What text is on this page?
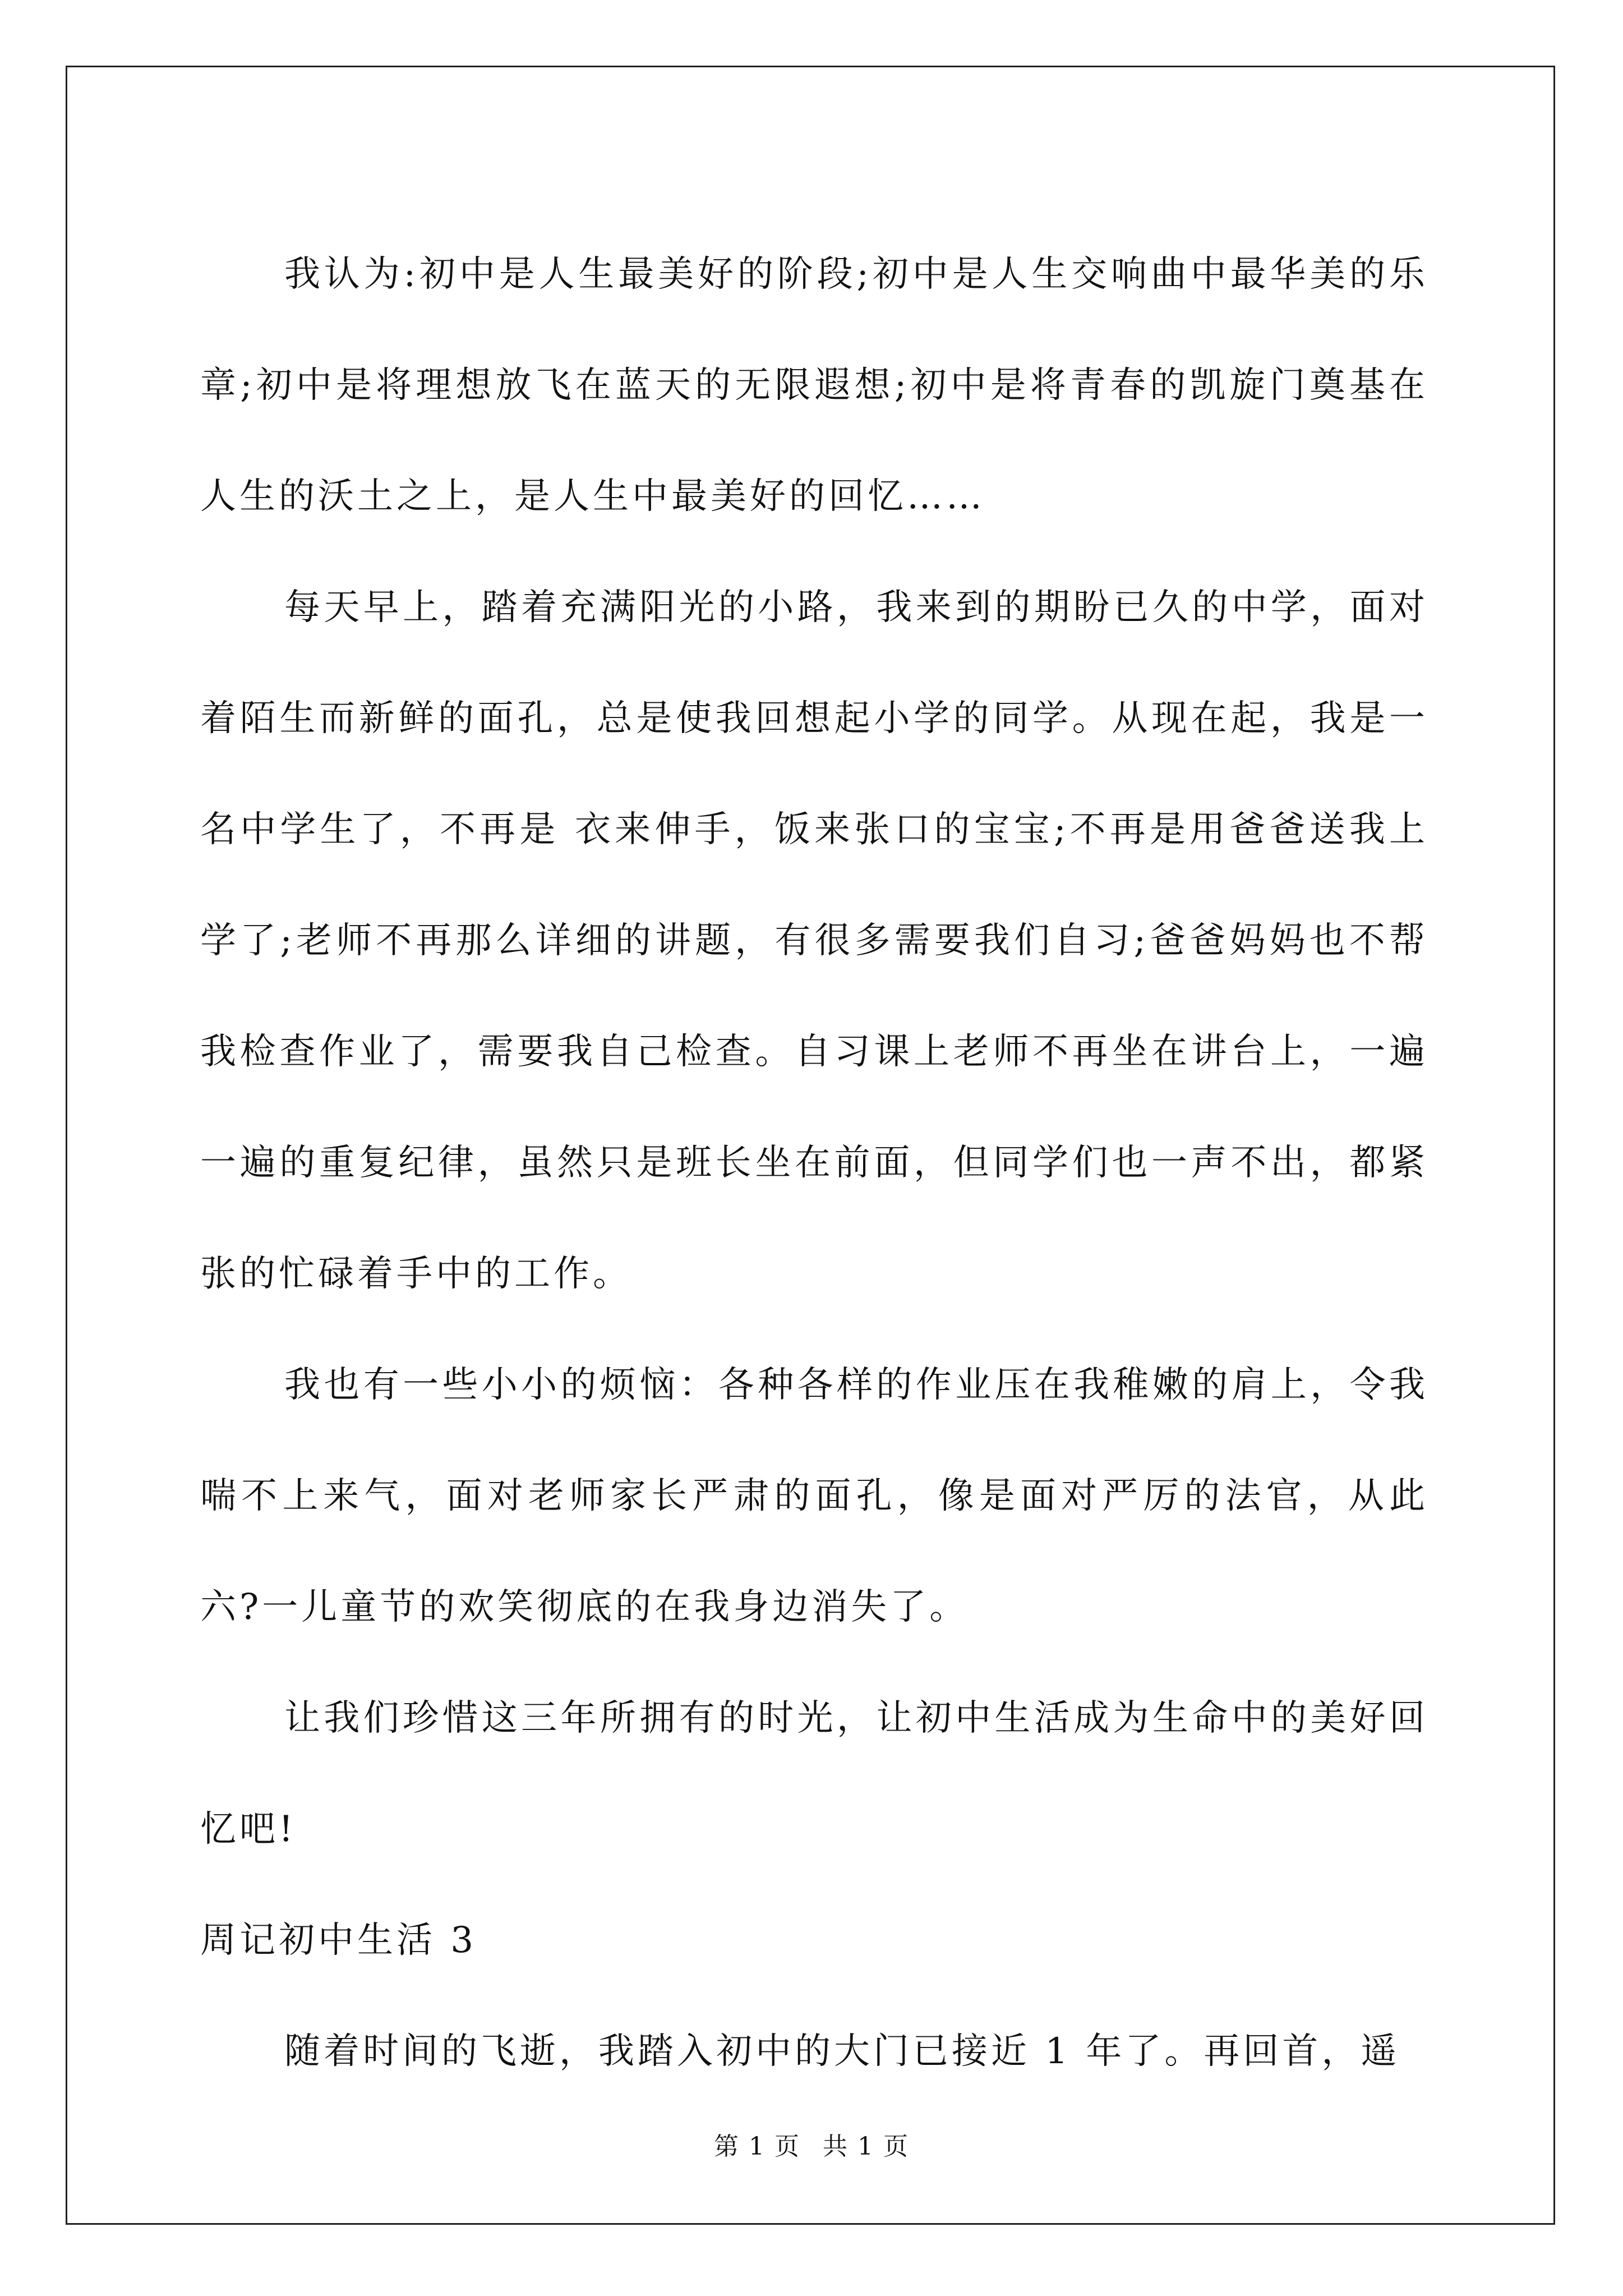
我认为:初中是人生最美好的阶段;初中是人生交响曲中最华美的乐章;初中是将理想放飞在蓝天的无限遐想;初中是将青春的凯旋门奠基在人生的沃土之上，是人生中最美好的回忆……

每天早上，踏着充满阳光的小路，我来到的期盼已久的中学，面对着陌生而新鲜的面孔，总是使我回想起小学的同学。从现在起，我是一名中学生了，不再是 衣来伸手，饭来张口的宝宝;不再是用爸爸送我上学了;老师不再那么详细的讲题，有很多需要我们自习;爸爸妈妈也不帮我检查作业了，需要我自己检查。自习课上老师不再坐在讲台上，一遍一遍的重复纪律，虽然只是班长坐在前面，但同学们也一声不出，都紧张的忙碌着手中的工作。

我也有一些小小的烦恼：各种各样的作业压在我稚嫩的肩上，令我喘不上来气，面对老师家长严肃的面孔，像是面对严厉的法官，从此六?一儿童节的欢笑彻底的在我身边消失了。

让我们珍惜这三年所拥有的时光，让初中生活成为生命中的美好回忆吧!

周记初中生活 3

随着时间的飞逝，我踏入初中的大门已接近 1 年了。再回首，遥

第 1 页 共 1 页
